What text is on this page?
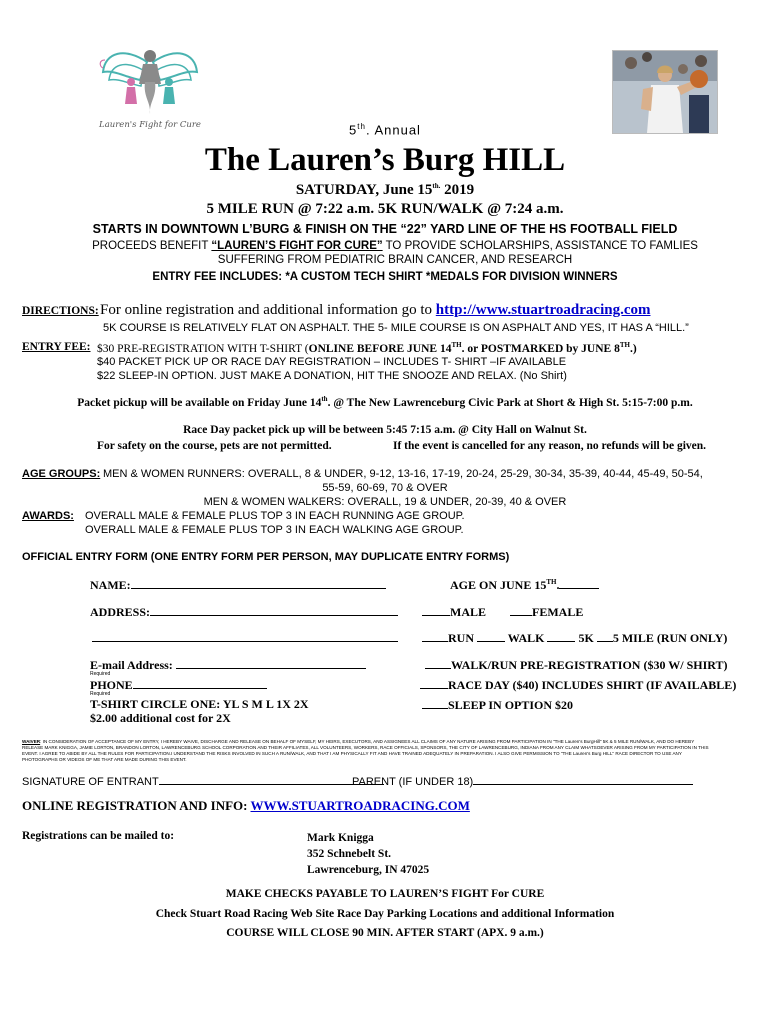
Lauren's Fight for Cure	5th. Annual
The Lauren’s Burg HILL
SATURDAY, June $15^{th.}$ 2019
5 MILE RUN @ 7:22 a.m. 5K RUN/WALK @ 7:24 a.m.
STARTS IN DOWNTOWN L’BURG & FINISH ON THE “22” YARD LINE OF THE HS FOOTBALL FIELD
PROCEEDS BENEFIT “LAUREN’S FIGHT FOR CURE” TO PROVIDE SCHOLARSHIPS, ASSISTANCE TO FAMLIES SUFFERING FROM PEDIATRIC BRAIN CANCER, AND RESEARCH
ENTRY FEE INCLUDES: *A CUSTOM TECH SHIRT *MEDALS FOR DIVISION WINNERS
DIRECTIONS: For online registration and additional information go to http://www.stuartroadracing.com
5K COURSE IS RELATIVELY FLAT ON ASPHALT. THE 5- MILE COURSE IS ON ASPHALT AND YES, IT HAS A “HILL.”
ENTRY FEE: $30 PRE-REGISTRATION WITH T-SHIRT (ONLINE BEFORE JUNE 14TH. or POSTMARKED by JUNE 8TH.)
$40 PACKET PICK UP OR RACE DAY REGISTRATION – INCLUDES T- SHIRT –IF AVAILABLE
$22 SLEEP-IN OPTION. JUST MAKE A DONATION, HIT THE SNOOZE AND RELAX. (No Shirt)
Packet pickup will be available on Friday June 14th. @ The New Lawrenceburg Civic Park at Short & High St. 5:15-7:00 p.m.
Race Day packet pick up will be between 5:45 7:15 a.m. @ City Hall on Walnut St.
For safety on the course, pets are not permitted.	If the event is cancelled for any reason, no refunds will be given.
AGE GROUPS: MEN & WOMEN RUNNERS: OVERALL, 8 & UNDER, 9-12, 13-16, 17-19, 20-24, 25-29, 30-34, 35-39, 40-44, 45-49, 50-54,
55-59, 60-69, 70 & OVER
MEN & WOMEN WALKERS: OVERALL, 19 & UNDER, 20-39, 40 & OVER
AWARDS: OVERALL MALE & FEMALE PLUS TOP 3 IN EACH RUNNING AGE GROUP.
OVERALL MALE & FEMALE PLUS TOP 3 IN EACH WALKING AGE GROUP.
OFFICIAL ENTRY FORM (ONE ENTRY FORM PER PERSON, MAY DUPLICATE ENTRY FORMS)
NAME:	AGE ON JUNE 15TH.
ADDRESS:	MALE	FEMALE
RUN	WALK	5K 5 MILE (RUN ONLY)
E-mail Address:
Required
WALK/RUN PRE-REGISTRATION ($30 W/ SHIRT)
PHONE
Required
RACE DAY ($40) INCLUDES SHIRT (IF AVAILABLE)
T-SHIRT CIRCLE ONE: YL S M L 1X 2X	SLEEP IN OPTION $20
$2.00 additional cost for 2X
WAIVER: IN CONSIDERATION OF ACCEPTANCE OF MY ENTRY, I HEREBY WAIVE, DISCHARGE AND RELEASE ON BEHALF OF MYSELF, MY HEIRS, EXECUTORS, AND ASSIGNEES ALL CLAIMS OF ANY NATURE ARISING FROM PARTICIPATION IN "THE Lauren's BurgHill" 5K & 5 MILE RUN/WALK, AND DO HEREBY RELEASE MARK KNIGGA, JAMIE LORTON, BRANDON LORTON, LAWRENCEBURG SCHOOL CORPORATION AND THEIR AFFILIATES, ALL VOLUNTEERS, WORKERS, RACE OFFICIALS, SPONSORS, THE CITY OF LAWRENCEBURG, INDIANA FROM ANY CLAIM WHATSOEVER ARISING FROM MY PARTICIPATION IN THIS EVENT. I AGREE TO ABIDE BY ALL THE RULES FOR PARTICIPATION.I UNDERSTAND THE RISKS INVOLVED IN SUCH A RUN/WALK, AND THAT I AM PHYSICALLY FIT AND HAVE TRAINED ADEQUATELY IN PREPARATION. I ALSO GIVE PERMISSION TO "THE Lauren's Burg HILL" RACE DIRECTOR TO USE ANY PHOTOGRAPHS OR VIDEOS OF ME THAT ARE MADE DURING THIS EVENT.
SIGNATURE OF ENTRANT	PARENT (IF UNDER 18)
ONLINE REGISTRATION AND INFO: WWW.STUARTROADRACING.COM
Registrations can be mailed to:	Mark Knigga
352 Schnebelt St.
Lawrenceburg, IN 47025
MAKE CHECKS PAYABLE TO LAUREN’S FIGHT For CURE
Check Stuart Road Racing Web Site Race Day Parking Locations and additional Information
COURSE WILL CLOSE 90 MIN. AFTER START (APX. 9 a.m.)
